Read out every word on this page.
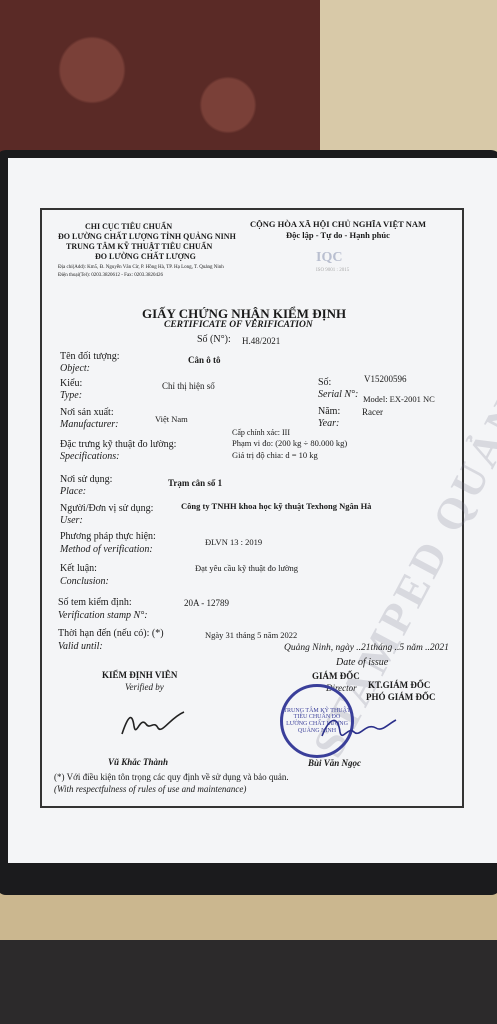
CHI CỤC TIÊU CHUẨN
ĐO LƯỜNG CHẤT LƯỢNG TỈNH QUẢNG NINH
TRUNG TÂM KỸ THUẬT TIÊU CHUẨN
ĐO LƯỜNG CHẤT LƯỢNG
Địa chỉ(Add): Km5, Đ. Nguyễn Văn Cừ, P. Hồng Hà, TP. Hạ Long, T. Quảng Ninh
Điện thoại(Tel): 0203.3820612 - Fax: 0203.3820426
CỘNG HÒA XÃ HỘI CHỦ NGHĨA VIỆT NAM
Độc lập - Tự do - Hạnh phúc
IQC
ISO 9001 : 2015
GIẤY CHỨNG NHẬN KIỂM ĐỊNH
CERTIFICATE OF VERIFICATION
Số (N°): H.48/2021
Tên đối tượng:
Object:
Cân ô tô
Kiểu:
Type:
Chỉ thị hiện số	Số:
Serial N°:
V15200596
Model: EX-2001 NC
Nơi sản xuất:
Manufacturer:	Việt Nam
Năm:
Year:
Racer
Đặc trưng kỹ thuật đo lường:
Specifications:
Cấp chính xác: III
Phạm vi đo: (200 kg ÷ 80.000 kg)
Giá trị độ chia: d = 10 kg
Nơi sử dụng:
Place:
Trạm cân số 1
Người/Đơn vị sử dụng:
User:
Công ty TNHH khoa học kỹ thuật Texhong Ngân Hà
Phương pháp thực hiện:
Method of verification:
ĐLVN 13 : 2019
Kết luận:
Conclusion:
Đạt yêu cầu kỹ thuật đo lường
Số tem kiểm định:
Verification stamp N°:
20A - 12789
Thời hạn đến (nếu có): (*)
Valid until:
Ngày 31 tháng 5 năm 2022
Quảng Ninh, ngày ..21tháng ..5 năm ..2021
Date of issue
KIỂM ĐỊNH VIÊN
Verified by
Vũ Khắc Thành
GIÁM ĐỐC
Director KT.GIÁM ĐỐC
PHÓ GIÁM ĐỐC
TRUNG TÂM KỸ THUẬT TIÊU CHUẨN ĐO LƯỜNG CHẤT LƯỢNG QUẢNG NINH
Bùi Văn Ngọc
(*) Với điều kiện tôn trọng các quy định về sử dụng và bảo quản.
(With respectfulness of rules of use and maintenance)
